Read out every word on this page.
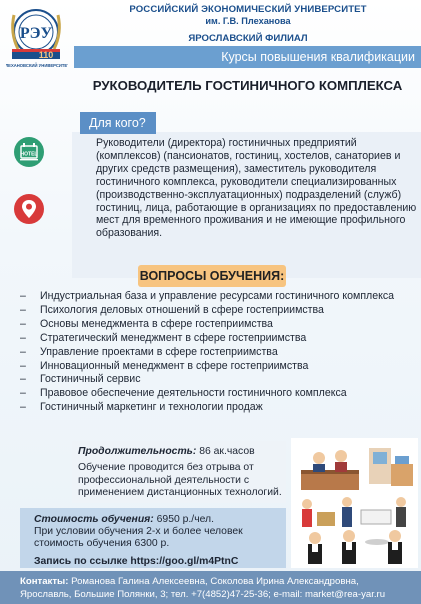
РЭУ
110
ПЛЕХАНОВСКИЙ УНИВЕРСИТЕТ
РОССИЙСКИЙ ЭКОНОМИЧЕСКИЙ УНИВЕРСИТЕТ
им. Г.В. Плеханова
ЯРОСЛАВСКИЙ ФИЛИАЛ
Курсы повышения квалификации
РУКОВОДИТЕЛЬ ГОСТИНИЧНОГО КОМПЛЕКСА
Для кого?
HOTEL
Руководители (директора) гостиничных предприятий (комплексов) (пансионатов, гостиниц, хостелов, санаториев и других средств размещения), заместитель руководителя гостиничного комплекса, руководители специализированных (производственно-эксплуатационных) подразделений (служб) гостиниц, лица, работающие в организациях по предоставлению мест для временного проживания и не имеющие профильного образования.
ВОПРОСЫ ОБУЧЕНИЯ:
– Индустриальная база и управление ресурсами гостиничного комплекса
– Психология деловых отношений в сфере гостеприимства
– Основы менеджмента в сфере гостеприимства
– Стратегический менеджмент в сфере гостеприимства
– Управление проектами в сфере гостеприимства
– Инновационный менеджмент в сфере гостеприимства
– Гостиничный сервис
– Правовое обеспечение деятельности гостиничного комплекса
– Гостиничный маркетинг и технологии продаж
Продолжительность: 86 ак.часов
Обучение проводится без отрыва от профессиональной деятельности с применением дистанционных технологий.
Стоимость обучения: 6950 р./чел.
При условии обучения 2-х и более человек
стоимость обучения 6300 р.
Запись по ссылке https://goo.gl/m4PtnC
Контакты: Романова Галина Алексеевна, Соколова Ирина Александровна,
Ярославль, Большие Полянки, 3; тел. +7(4852)47-25-36; e-mail: market@rea-yar.ru
